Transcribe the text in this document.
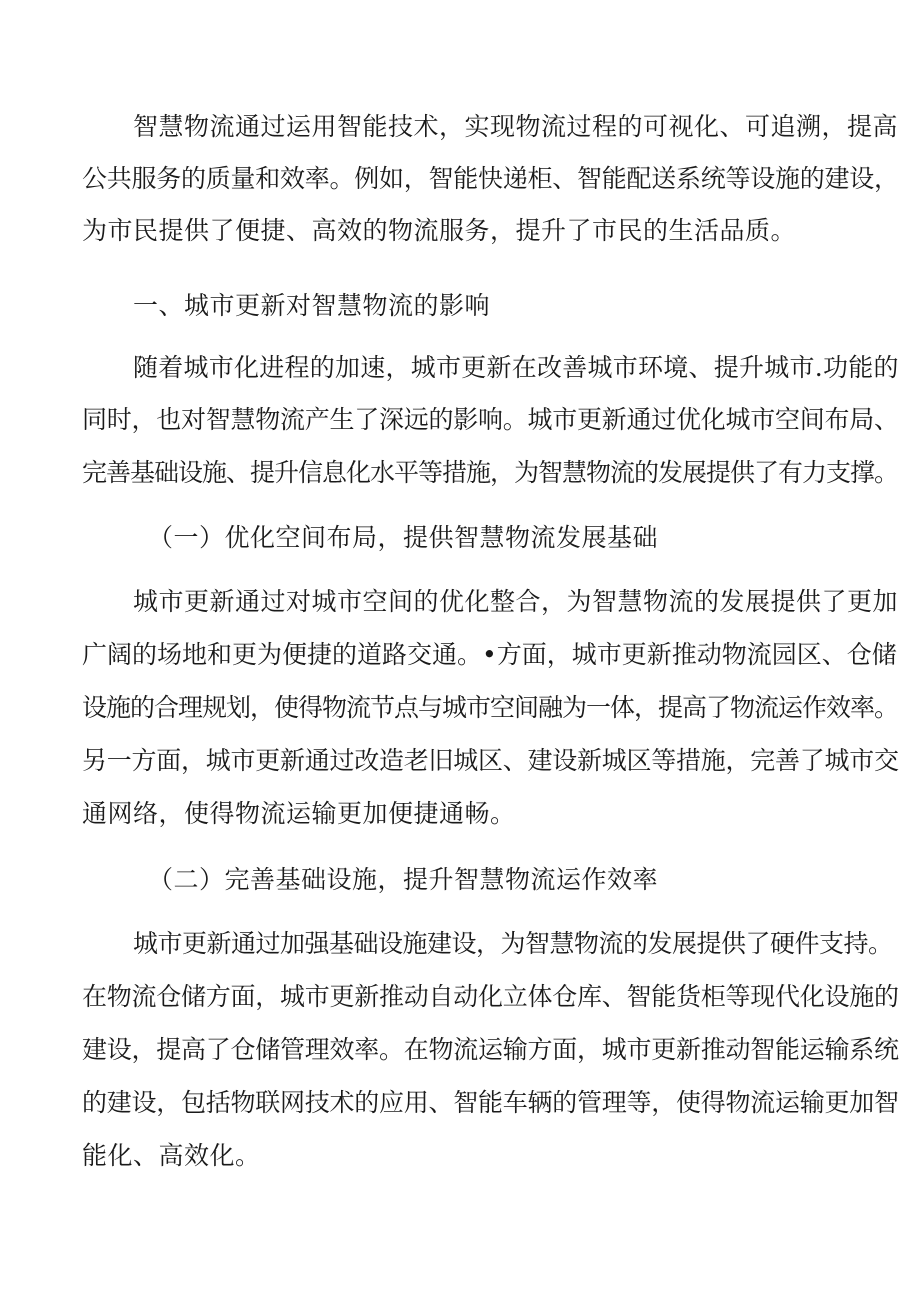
智慧物流通过运用智能技术，实现物流过程的可视化、可追溯，提高
公共服务的质量和效率。例如，智能快递柜、智能配送系统等设施的建设，
为市民提供了便捷、高效的物流服务，提升了市民的生活品质。
一、城市更新对智慧物流的影响
随着城市化进程的加速，城市更新在改善城市环境、提升城市.功能的
同时，也对智慧物流产生了深远的影响。城市更新通过优化城市空间布局、
完善基础设施、提升信息化水平等措施，为智慧物流的发展提供了有力支撑。
（一）优化空间布局，提供智慧物流发展基础
城市更新通过对城市空间的优化整合，为智慧物流的发展提供了更加
广阔的场地和更为便捷的道路交通。•方面，城市更新推动物流园区、仓储
设施的合理规划，使得物流节点与城市空间融为一体，提高了物流运作效率。
另一方面，城市更新通过改造老旧城区、建设新城区等措施，完善了城市交
通网络，使得物流运输更加便捷通畅。
（二）完善基础设施，提升智慧物流运作效率
城市更新通过加强基础设施建设，为智慧物流的发展提供了硬件支持。
在物流仓储方面，城市更新推动自动化立体仓库、智能货柜等现代化设施的
建设，提高了仓储管理效率。在物流运输方面，城市更新推动智能运输系统
的建设，包括物联网技术的应用、智能车辆的管理等，使得物流运输更加智
能化、高效化。
